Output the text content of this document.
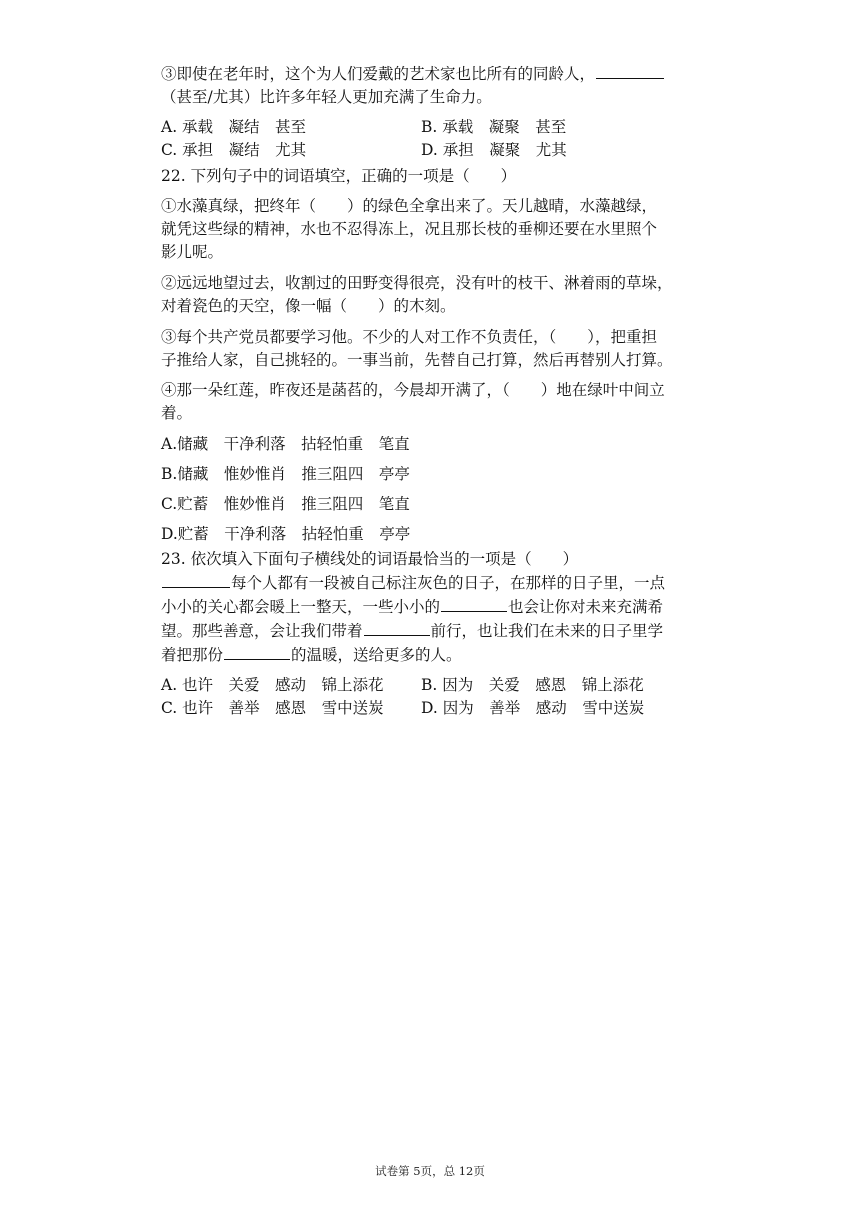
③即使在老年时，这个为人们爱戴的艺术家也比所有的同龄人，
（甚至/尤其）比许多年轻人更加充满了生命力。
A. 承载　凝结　甚至	B. 承载　凝聚　甚至
C. 承担　凝结　尤其	D. 承担　凝聚　尤其
22. 下列句子中的词语填空，正确的一项是（　　）
①水藻真绿，把终年（　　）的绿色全拿出来了。天儿越晴，水藻越绿，
就凭这些绿的精神，水也不忍得冻上，况且那长枝的垂柳还要在水里照个
影儿呢。
②远远地望过去，收割过的田野变得很亮，没有叶的枝干、淋着雨的草垛，
对着瓷色的天空，像一幅（　　）的木刻。
③每个共产党员都要学习他。不少的人对工作不负责任，（　　），把重担
子推给人家，自己挑轻的。一事当前，先替自己打算，然后再替别人打算。
④那一朵红莲，昨夜还是菡萏的，今晨却开满了，（　　）地在绿叶中间立
着。
A.储藏　干净利落　拈轻怕重　笔直
B.储藏　惟妙惟肖　推三阻四　亭亭
C.贮蓄　惟妙惟肖　推三阻四　笔直
D.贮蓄　干净利落　拈轻怕重　亭亭
23. 依次填入下面句子横线处的词语最恰当的一项是（　　）
每个人都有一段被自己标注灰色的日子，在那样的日子里，一点
小小的关心都会暖上一整天，一些小小的	也会让你对未来充满希
望。那些善意，会让我们带着	前行，也让我们在未来的日子里学
着把那份	的温暖，送给更多的人。
A. 也许　关爱　感动　锦上添花	B. 因为　关爱　感恩　锦上添花
C. 也许　善举　感恩　雪中送炭	D. 因为　善举　感动　雪中送炭
试卷第 5页，总 12页
